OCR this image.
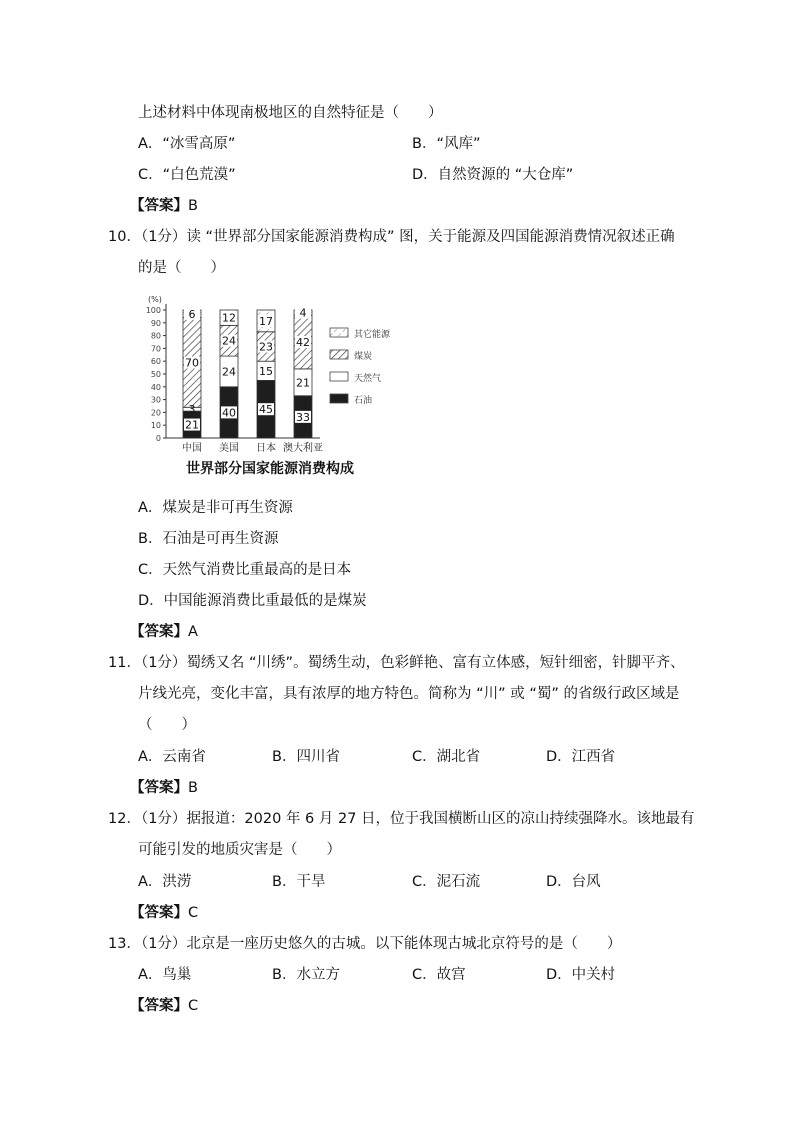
上述材料中体现南极地区的自然特征是（　　）
A．“冰雪高原”	B．“风库”
C．“白色荒漠”	D．自然资源的 “大仓库”
【答案】B
10．（1分）读 “世界部分国家能源消费构成” 图，关于能源及四国能源消费情况叙述正确
的是（　　）
(%)
0
10
20
30
40
50
60
70
80
90
100
21
3
70
6
中国
40
24
24
12
美国
45
15
23
17
日本
33
21
42
4
澳大利亚
其它能源
煤炭
天然气
石油
世界部分国家能源消费构成
A．煤炭是非可再生资源
B．石油是可再生资源
C．天然气消费比重最高的是日本
D．中国能源消费比重最低的是煤炭
【答案】A
11．（1分）蜀绣又名 “川绣”。蜀绣生动，色彩鲜艳、富有立体感，短针细密，针脚平齐、
片线光亮，变化丰富，具有浓厚的地方特色。简称为 “川” 或 “蜀” 的省级行政区域是
（　　）
A．云南省	B．四川省	C．湖北省	D．江西省
【答案】B
12．（1分）据报道：2020 年 6 月 27 日，位于我国横断山区的凉山持续强降水。该地最有
可能引发的地质灾害是（　　）
A．洪涝	B．干旱	C．泥石流	D．台风
【答案】C
13．（1分）北京是一座历史悠久的古城。以下能体现古城北京符号的是（　　）
A．鸟巢	B．水立方	C．故宫	D．中关村
【答案】C
